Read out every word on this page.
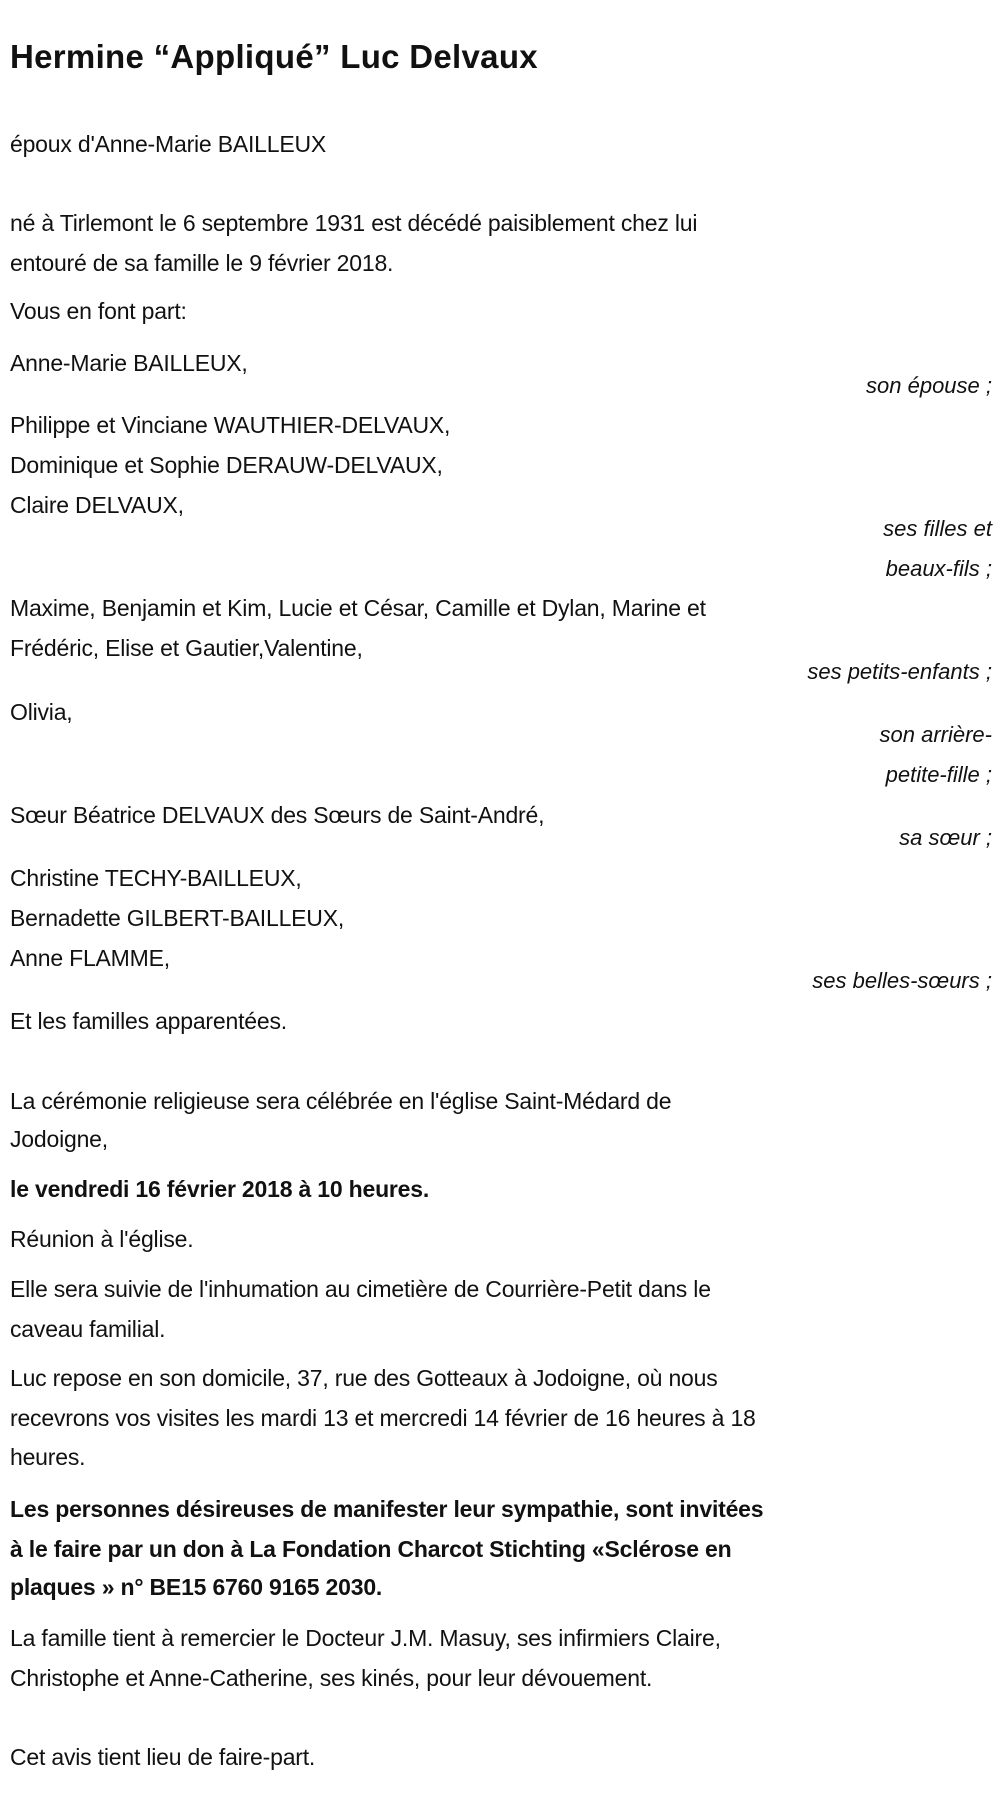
Hermine “Appliqué” Luc Delvaux
époux d'Anne-Marie BAILLEUX
né à Tirlemont le 6 septembre 1931 est décédé paisiblement chez lui
entouré de sa famille le 9 février 2018.
Vous en font part:
Anne-Marie BAILLEUX,
son épouse ;
Philippe et Vinciane WAUTHIER-DELVAUX,
Dominique et Sophie DERAUW-DELVAUX,
Claire DELVAUX,
ses filles et
beaux-fils ;
Maxime, Benjamin et Kim, Lucie et César, Camille et Dylan, Marine et
Frédéric, Elise et Gautier,Valentine,
ses petits-enfants ;
Olivia,
son arrière-
petite-fille ;
Sœur Béatrice DELVAUX des Sœurs de Saint-André,
sa sœur ;
Christine TECHY-BAILLEUX,
Bernadette GILBERT-BAILLEUX,
Anne FLAMME,
ses belles-sœurs ;
Et les familles apparentées.
La cérémonie religieuse sera célébrée en l'église Saint-Médard de
Jodoigne,
le vendredi 16 février 2018 à 10 heures.
Réunion à l'église.
Elle sera suivie de l'inhumation au cimetière de Courrière-Petit dans le
caveau familial.
Luc repose en son domicile, 37, rue des Gotteaux à Jodoigne, où nous
recevrons vos visites les mardi 13 et mercredi 14 février de 16 heures à 18
heures.
Les personnes désireuses de manifester leur sympathie, sont invitées
à le faire par un don à La Fondation Charcot Stichting «Sclérose en
plaques » n° BE15 6760 9165 2030.
La famille tient à remercier le Docteur J.M. Masuy, ses infirmiers Claire,
Christophe et Anne-Catherine, ses kinés, pour leur dévouement.
Cet avis tient lieu de faire-part.
